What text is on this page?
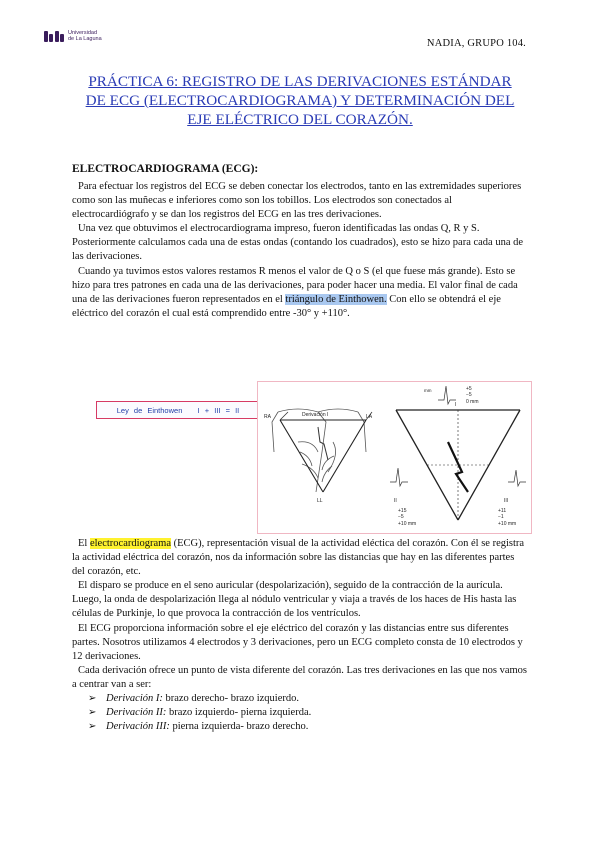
Universidad
de La Laguna	NADIA, GRUPO 104.
PRÁCTICA 6: REGISTRO DE LAS DERIVACIONES ESTÁNDAR DE ECG (ELECTROCARDIOGRAMA) Y DETERMINACIÓN DEL EJE ELÉCTRICO DEL CORAZÓN.
ELECTROCARDIOGRAMA (ECG):

Para efectuar los registros del ECG se deben conectar los electrodos, tanto en las extremidades superiores como son las muñecas e inferiores como son los tobillos. Los electrodos son conectados al electrocardiógrafo y se dan los registros del ECG en las tres derivaciones.

Una vez que obtuvimos el electrocardiograma impreso, fueron identificadas las ondas Q, R y S. Posteriormente calculamos cada una de estas ondas (contando los cuadrados), esto se hizo para cada una de las derivaciones.

Cuando ya tuvimos estos valores restamos R menos el valor de Q o S (el que fuese más grande). Esto se hizo para tres patrones en cada una de las derivaciones, para poder hacer una media. El valor final de cada una de las derivaciones fueron representados en el triángulo de Einthowen. Con ello se obtendrá el eje eléctrico del corazón el cual está comprendido entre -30° y +110°.

Ley de Einthowen
I + III = II
Derivación I
RA	LA
LL
mm	+5
−5
0 mm
II
+15
−5
+10 mm
III
+11
−1
+10 mm
I

El electrocardiograma (ECG), representación visual de la actividad eléctica del corazón. Con él se registra la actividad eléctrica del corazón, nos da información sobre las distancias que hay en las diferentes partes del corazón, etc.

El disparo se produce en el seno auricular (despolarización), seguido de la contracción de la aurícula. Luego, la onda de despolarización llega al nódulo ventricular y viaja a través de los haces de His hasta las células de Purkinje, lo que provoca la contracción de los ventrículos.

El ECG proporciona información sobre el eje eléctrico del corazón y las distancias entre sus diferentes partes. Nosotros utilizamos 4 electrodos y 3 derivaciones, pero un ECG completo consta de 10 electrodos y 12 derivaciones.

Cada derivación ofrece un punto de vista diferente del corazón. Las tres derivaciones en las que nos vamos a centrar van a ser:

➢ Derivación I: brazo derecho- brazo izquierdo.
➢ Derivación II: brazo izquierdo- pierna izquierda.
➢ Derivación III: pierna izquierda- brazo derecho.
